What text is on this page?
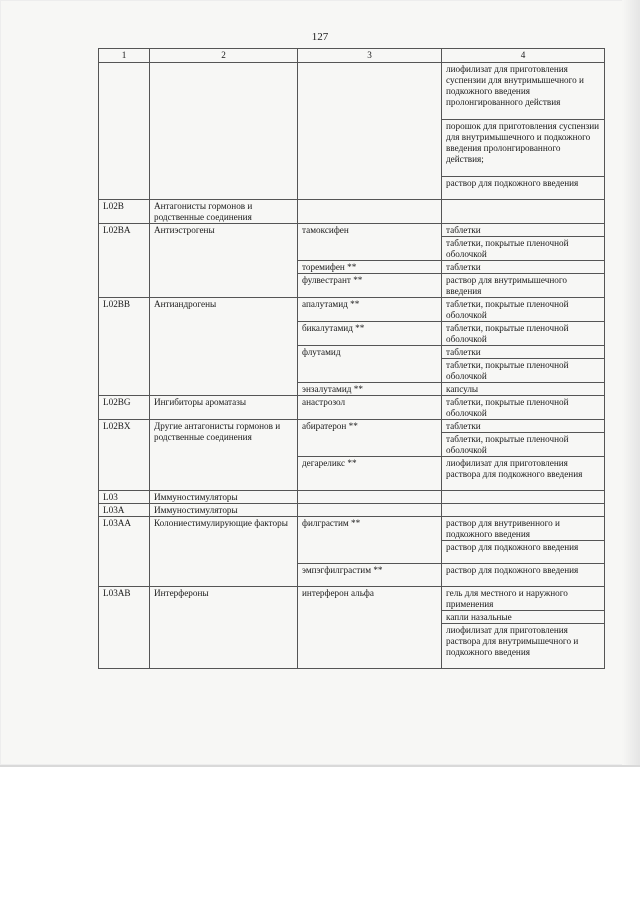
127
1	2	3	4
			лиофилизат для приготовления суспензии для внутримышечного и подкожного введения пролонгированного действия
			порошок для приготовления суспензии для внутримышечного и подкожного введения пролонгированного действия;
			раствор для подкожного введения
L02B	Антагонисты гормонов и родственные соединения		
L02BA	Антиэстрогены	тамоксифен	таблетки
			таблетки, покрытые пленочной оболочкой
		торемифен **	таблетки
		фулвестрант **	раствор для внутримышечного введения
L02BB	Антиандрогены	апалутамид **	таблетки, покрытые пленочной оболочкой
		бикалутамид **	таблетки, покрытые пленочной оболочкой
		флутамид	таблетки
			таблетки, покрытые пленочной оболочкой
		энзалутамид **	капсулы
L02BG	Ингибиторы ароматазы	анастрозол	таблетки, покрытые пленочной оболочкой
L02BX	Другие антагонисты гормонов и родственные соединения	абиратерон **	таблетки
			таблетки, покрытые пленочной оболочкой
		дегареликс **	лиофилизат для приготовления раствора для подкожного введения
L03	Иммуностимуляторы		
L03A	Иммуностимуляторы		
L03AA	Колониестимулирующие факторы	филграстим **	раствор для внутривенного и подкожного введения
			раствор для подкожного введения
		эмпэгфилграстим **	раствор для подкожного введения
L03AB	Интерфероны	интерферон альфа	гель для местного и наружного применения
			капли назальные
			лиофилизат для приготовления раствора для внутримышечного и подкожного введения
